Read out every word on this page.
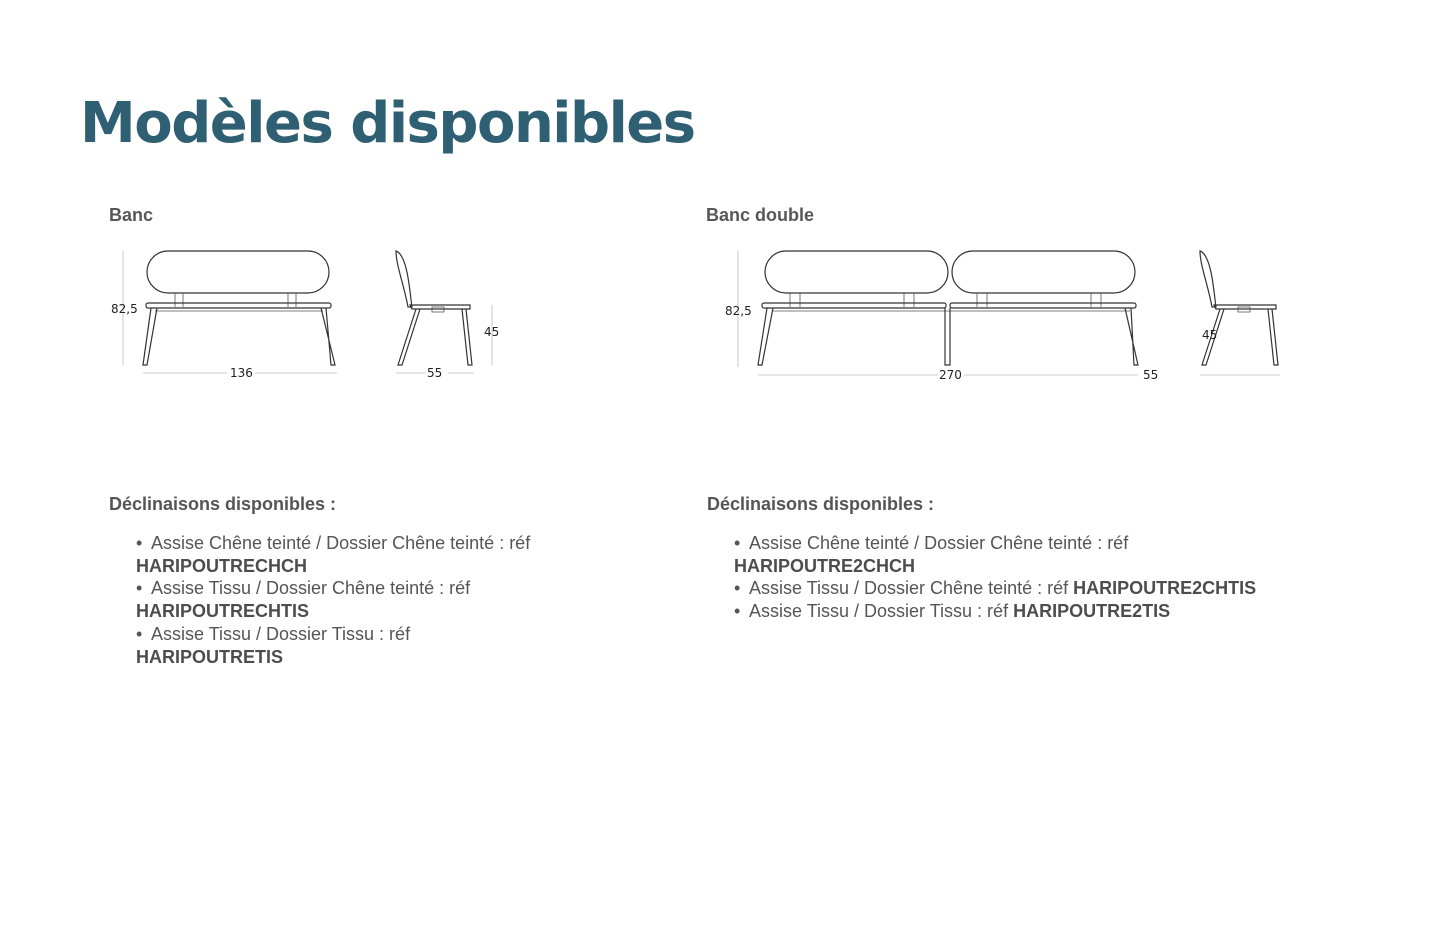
Modèles disponibles
Banc
82,5
136
45
55
Déclinaisons disponibles :
• Assise Chêne teinté / Dossier Chêne teinté : réf
HARIPOUTRECHCH
• Assise Tissu / Dossier Chêne teinté : réf
HARIPOUTRECHTIS
• Assise Tissu / Dossier Tissu : réf
HARIPOUTRETIS
Banc double
82,5
270	55
45
Déclinaisons disponibles :
• Assise Chêne teinté / Dossier Chêne teinté : réf
HARIPOUTRE2CHCH
• Assise Tissu / Dossier Chêne teinté : réf HARIPOUTRE2CHTIS
• Assise Tissu / Dossier Tissu : réf HARIPOUTRE2TIS
